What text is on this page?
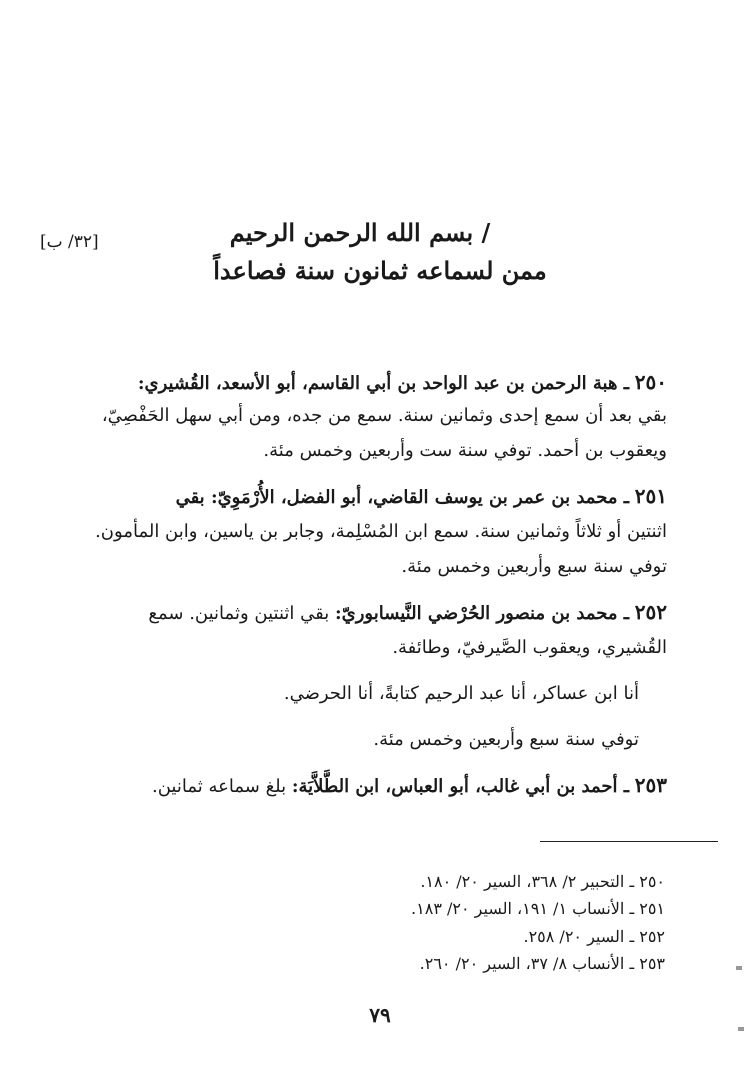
[٣٢/ ب]	/ بسم الله الرحمن الرحيم
ممن لسماعه ثمانون سنة فصاعداً
٢٥٠ ـ هبة الرحمن بن عبد الواحد بن أبي القاسم، أبو الأسعد، القُشيري:
بقي بعد أن سمع إحدى وثمانين سنة. سمع من جده، ومن أبي سهل الحَفْصِيّ،
ويعقوب بن أحمد. توفي سنة ست وأربعين وخمس مئة.
٢٥١ ـ محمد بن عمر بن يوسف القاضي، أبو الفضل، الأُرْمَوِيّ: بقي
اثنتين أو ثلاثاً وثمانين سنة. سمع ابن المُسْلِمة، وجابر بن ياسين، وابن المأمون.
توفي سنة سبع وأربعين وخمس مئة.
٢٥٢ ـ محمد بن منصور الحُرْضي النَّيسابوريّ: بقي اثنتين وثمانين. سمع
القُشيري، ويعقوب الصَّيرفيّ، وطائفة.
أنا ابن عساكر، أنا عبد الرحيم كتابةً، أنا الحرضي.
توفي سنة سبع وأربعين وخمس مئة.
٢٥٣ ـ أحمد بن أبي غالب، أبو العباس، ابن الطَّلاَّيَة: بلغ سماعه ثمانين.
٢٥٠ ـ التحبير ٢/ ٣٦٨، السير ٢٠/ ١٨٠.
٢٥١ ـ الأنساب ١/ ١٩١، السير ٢٠/ ١٨٣.
٢٥٢ ـ السير ٢٠/ ٢٥٨.
٢٥٣ ـ الأنساب ٨/ ٣٧، السير ٢٠/ ٢٦٠.
٧٩
